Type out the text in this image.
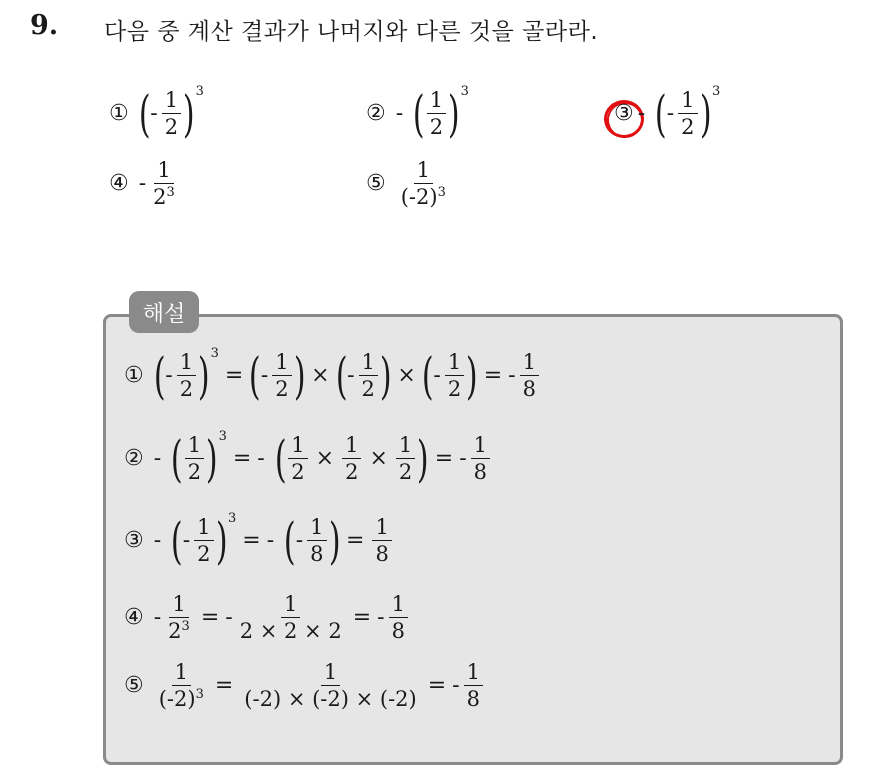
9. 다음 중 계산 결과가 나머지와 다른 것을 골라라.
① ( - $\frac{1}{2}$ ) 3
② - ( $\frac{1}{2}$ ) 3
③ - ( - $\frac{1}{2}$ ) 3
④ - $\frac{1}{2^3}$	⑤ $\frac{1}{(-2)^3}$
해설
① ( - $\frac{1}{2}$ ) 3
= ( - $\frac{1}{2}$ ) × ( - $\frac{1}{2}$ ) × ( - $\frac{1}{2}$ ) = - $\frac{1}{8}$
② - ( $\frac{1}{2}$ ) 3
= - ( $\frac{1}{2} \times \frac{1}{2} \times \frac{1}{2}$ ) = - $\frac{1}{8}$
③ - ( - $\frac{1}{2}$ ) 3
= - ( - $\frac{1}{8}$ ) = $\frac{1}{8}$
④ - $\frac{1}{2^3}$ = - $\frac{1}{2 \times 2 \times 2}$ = - $\frac{1}{8}$
⑤ $\frac{1}{(-2)^3} = \frac{1}{(-2) \times (-2) \times (-2)}$ = - $\frac{1}{8}$
